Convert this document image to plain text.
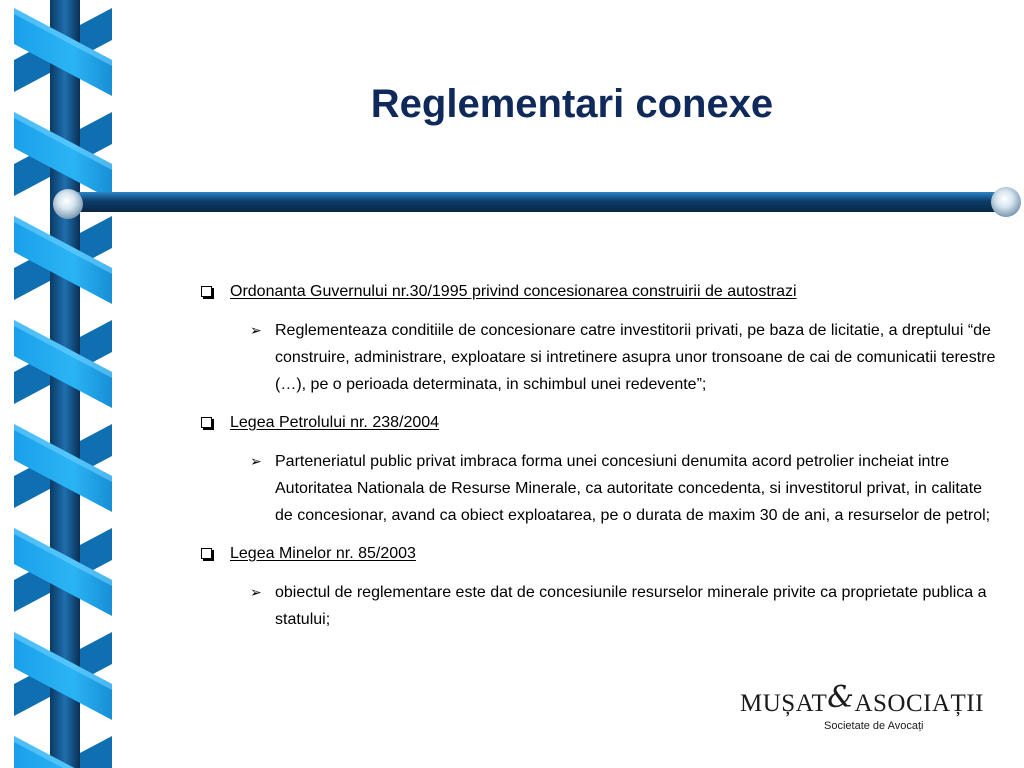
Reglementari conexe
Ordonanta Guvernului nr.30/1995 privind concesionarea construirii de autostrazi
➢ Reglementeaza conditiile de concesionare catre investitorii privati, pe baza de licitatie, a dreptului “de construire, administrare, exploatare si intretinere asupra unor tronsoane de cai de comunicatii terestre (…), pe o perioada determinata, in schimbul unei redevente”;
Legea Petrolului nr. 238/2004
➢ Parteneriatul public privat imbraca forma unei concesiuni denumita acord petrolier incheiat intre Autoritatea Nationala de Resurse Minerale, ca autoritate concedenta, si investitorul privat, in calitate de concesionar, avand ca obiect exploatarea, pe o durata de maxim 30 de ani, a resurselor de petrol;
Legea Minelor nr. 85/2003
➢ obiectul de reglementare este dat de concesiunile resurselor minerale privite ca proprietate publica a statului;
MUȘAT&ASOCIAȚII
Societate de Avocați
